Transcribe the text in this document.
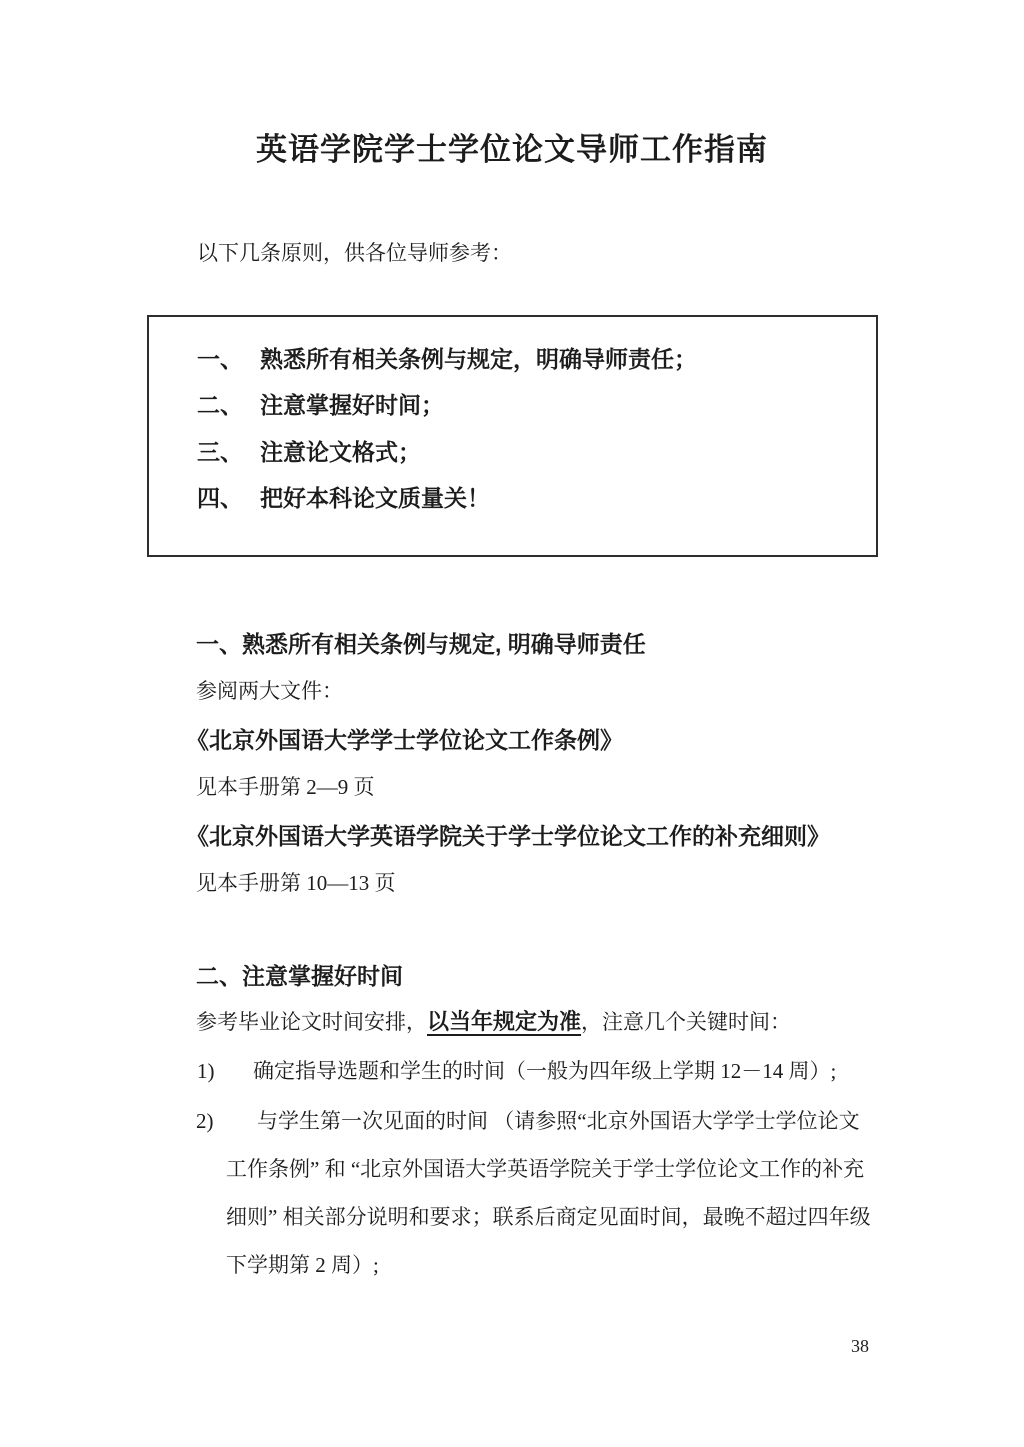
英语学院学士学位论文导师工作指南
以下几条原则，供各位导师参考：
一、 熟悉所有相关条例与规定，明确导师责任；
二、 注意掌握好时间；
三、 注意论文格式；
四、 把好本科论文质量关！
一、熟悉所有相关条例与规定, 明确导师责任
参阅两大文件：
《北京外国语大学学士学位论文工作条例》
见本手册第 2—9 页
《北京外国语大学英语学院关于学士学位论文工作的补充细则》
见本手册第 10—13 页
二、注意掌握好时间
参考毕业论文时间安排，以当年规定为准，注意几个关键时间：
1) 确定指导选题和学生的时间（一般为四年级上学期 12－14 周）;
2) 与学生第一次见面的时间 （请参照“北京外国语大学学士学位论文
工作条例” 和 “北京外国语大学英语学院关于学士学位论文工作的补充
细则” 相关部分说明和要求；联系后商定见面时间，最晚不超过四年级
下学期第 2 周）;
38
